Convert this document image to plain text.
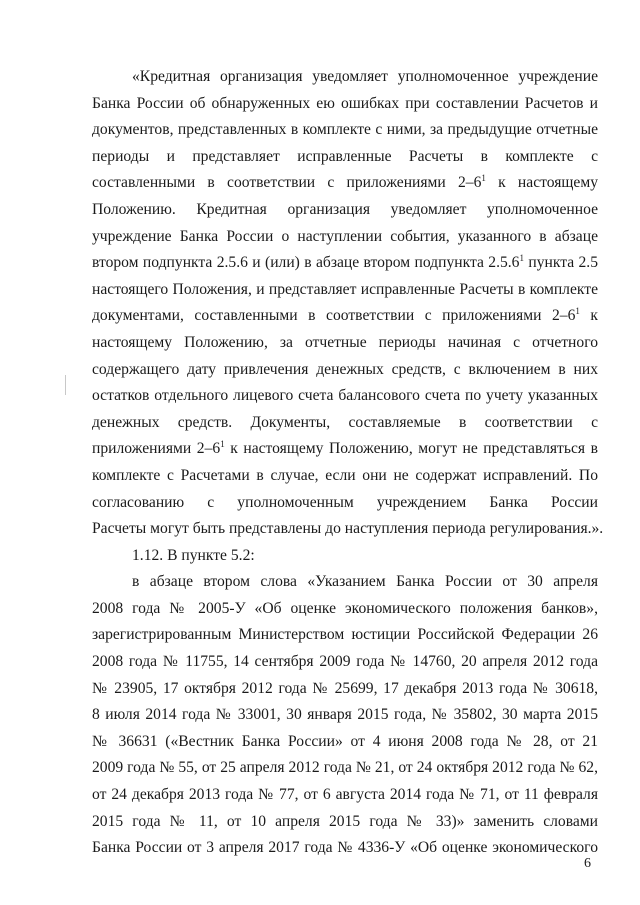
«Кредитная организация уведомляет уполномоченное учреждение
Банка России об обнаруженных ею ошибках при составлении Расчетов и
документов, представленных в комплекте с ними, за предыдущие отчетные
периоды и представляет исправленные Расчеты в комплекте с
составленными в соответствии с приложениями $2-6^1$ к настоящему
Положению. Кредитная организация уведомляет уполномоченное
учреждение Банка России о наступлении события, указанного в абзаце
втором подпункта 2.5.6 и (или) в абзаце втором подпункта 2.5.6$^1$ пункта 2.5
настоящего Положения, и представляет исправленные Расчеты в комплекте
документами, составленными в соответствии с приложениями $2-6^1$ к
настоящему Положению, за отчетные периоды начиная с отчетного
содержащего дату привлечения денежных средств, с включением в них
остатков отдельного лицевого счета балансового счета по учету указанных
денежных средств. Документы, составляемые в соответствии с
приложениями $2-6^1$ к настоящему Положению, могут не представляться в
комплекте с Расчетами в случае, если они не содержат исправлений. По
согласованию с уполномоченным учреждением Банка России
Расчеты могут быть представлены до наступления периода регулирования.».
1.12. В пункте 5.2:
в абзаце втором слова «Указанием Банка России от 30 апреля
2008 года № 2005-У «Об оценке экономического положения банков»,
зарегистрированным Министерством юстиции Российской Федерации 26
2008 года № 11755, 14 сентября 2009 года № 14760, 20 апреля 2012 года
№ 23905, 17 октября 2012 года № 25699, 17 декабря 2013 года № 30618,
8 июля 2014 года № 33001, 30 января 2015 года, № 35802, 30 марта 2015
№ 36631 («Вестник Банка России» от 4 июня 2008 года № 28, от 21
2009 года № 55, от 25 апреля 2012 года № 21, от 24 октября 2012 года № 62,
от 24 декабря 2013 года № 77, от 6 августа 2014 года № 71, от 11 февраля
2015 года № 11, от 10 апреля 2015 года № 33)» заменить словами
Банка России от 3 апреля 2017 года № 4336-У «Об оценке экономического
6
